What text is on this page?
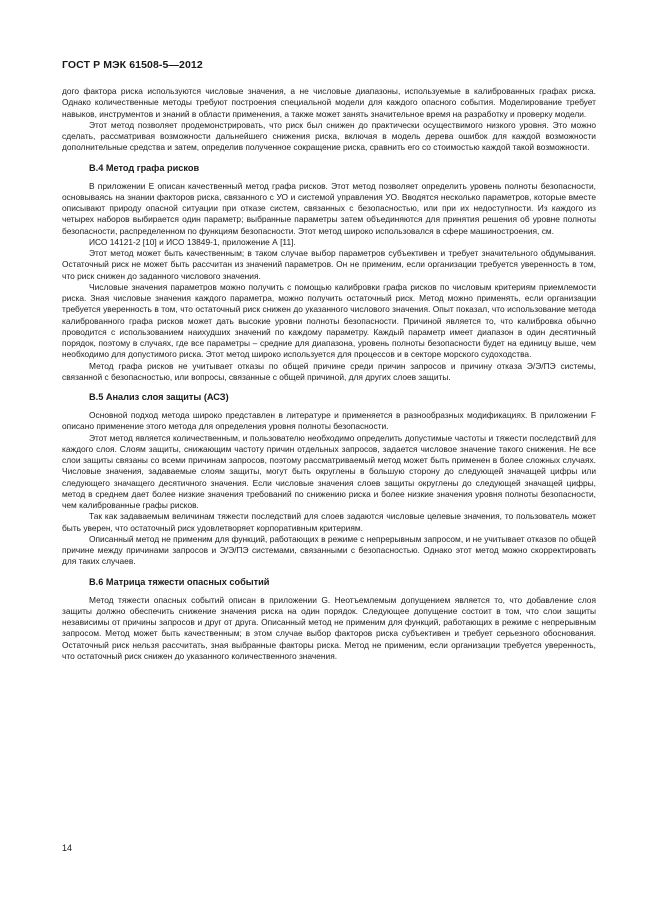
ГОСТ Р МЭК 61508-5—2012

дого фактора риска используются числовые значения, а не числовые диапазоны, используемые в калиброванных графах риска. Однако количественные методы требуют построения специальной модели для каждого опасного события. Моделирование требует навыков, инструментов и знаний в области применения, а также может занять значительное время на разработку и проверку модели.

Этот метод позволяет продемонстрировать, что риск был снижен до практически осуществимого низкого уровня. Это можно сделать, рассматривая возможности дальнейшего снижения риска, включая в модель дерева ошибок для каждой возможности дополнительные средства и затем, определив полученное сокращение риска, сравнить его со стоимостью каждой такой возможности.

В.4 Метод графа рисков

В приложении Е описан качественный метод графа рисков. Этот метод позволяет определить уровень полноты безопасности, основываясь на знании факторов риска, связанного с УО и системой управления УО. Вводятся несколько параметров, которые вместе описывают природу опасной ситуации при отказе систем, связанных с безопасностью, или при их недоступности. Из каждого из четырех наборов выбирается один параметр; выбранные параметры затем объединяются для принятия решения об уровне полноты безопасности, распределенном по функциям безопасности. Этот метод широко использовался в сфере машиностроения, см.

ИСО 14121-2 [10] и ИСО 13849-1, приложение А [11].

Этот метод может быть качественным; в таком случае выбор параметров субъективен и требует значительного обдумывания. Остаточный риск не может быть рассчитан из значений параметров. Он не применим, если организации требуется уверенность в том, что риск снижен до заданного числового значения.

Числовые значения параметров можно получить с помощью калибровки графа рисков по числовым критериям приемлемости риска. Зная числовые значения каждого параметра, можно получить остаточный риск. Метод можно применять, если организации требуется уверенность в том, что остаточный риск снижен до указанного числового значения. Опыт показал, что использование метода калиброванного графа рисков может дать высокие уровни полноты безопасности. Причиной является то, что калибровка обычно проводится с использованием наихудших значений по каждому параметру. Каждый параметр имеет диапазон в один десятичный порядок, поэтому в случаях, где все параметры – средние для диапазона, уровень полноты безопасности будет на единицу выше, чем необходимо для допустимого риска. Этот метод широко используется для процессов и в секторе морского судоходства.

Метод графа рисков не учитывает отказы по общей причине среди причин запросов и причину отказа Э/Э/ПЭ системы, связанной с безопасностью, или вопросы, связанные с общей причиной, для других слоев защиты.

В.5 Анализ слоя защиты (АСЗ)

Основной подход метода широко представлен в литературе и применяется в разнообразных модификациях. В приложении F описано применение этого метода для определения уровня полноты безопасности.

Этот метод является количественным, и пользователю необходимо определить допустимые частоты и тяжести последствий для каждого слоя. Слоям защиты, снижающим частоту причин отдельных запросов, задается числовое значение такого снижения. Не все слои защиты связаны со всеми причинам запросов, поэтому рассматриваемый метод может быть применен в более сложных случаях. Числовые значения, задаваемые слоям защиты, могут быть округлены в большую сторону до следующей значащей цифры или следующего значащего десятичного значения. Если числовые значения слоев защиты округлены до следующей значащей цифры, метод в среднем дает более низкие значения требований по снижению риска и более низкие значения уровня полноты безопасности, чем калиброванные графы рисков.

Так как задаваемым величинам тяжести последствий для слоев задаются числовые целевые значения, то пользователь может быть уверен, что остаточный риск удовлетворяет корпоративным критериям.

Описанный метод не применим для функций, работающих в режиме с непрерывным запросом, и не учитывает отказов по общей причине между причинами запросов и Э/Э/ПЭ системами, связанными с безопасностью. Однако этот метод можно скорректировать для таких случаев.

В.6 Матрица тяжести опасных событий

Метод тяжести опасных событий описан в приложении G. Неотъемлемым допущением является то, что добавление слоя защиты должно обеспечить снижение значения риска на один порядок. Следующее допущение состоит в том, что слои защиты независимы от причины запросов и друг от друга. Описанный метод не применим для функций, работающих в режиме с непрерывным запросом. Метод может быть качественным; в этом случае выбор факторов риска субъективен и требует серьезного обоснования. Остаточный риск нельзя рассчитать, зная выбранные факторы риска. Метод не применим, если организации требуется уверенность, что остаточный риск снижен до указанного количественного значения.

14
